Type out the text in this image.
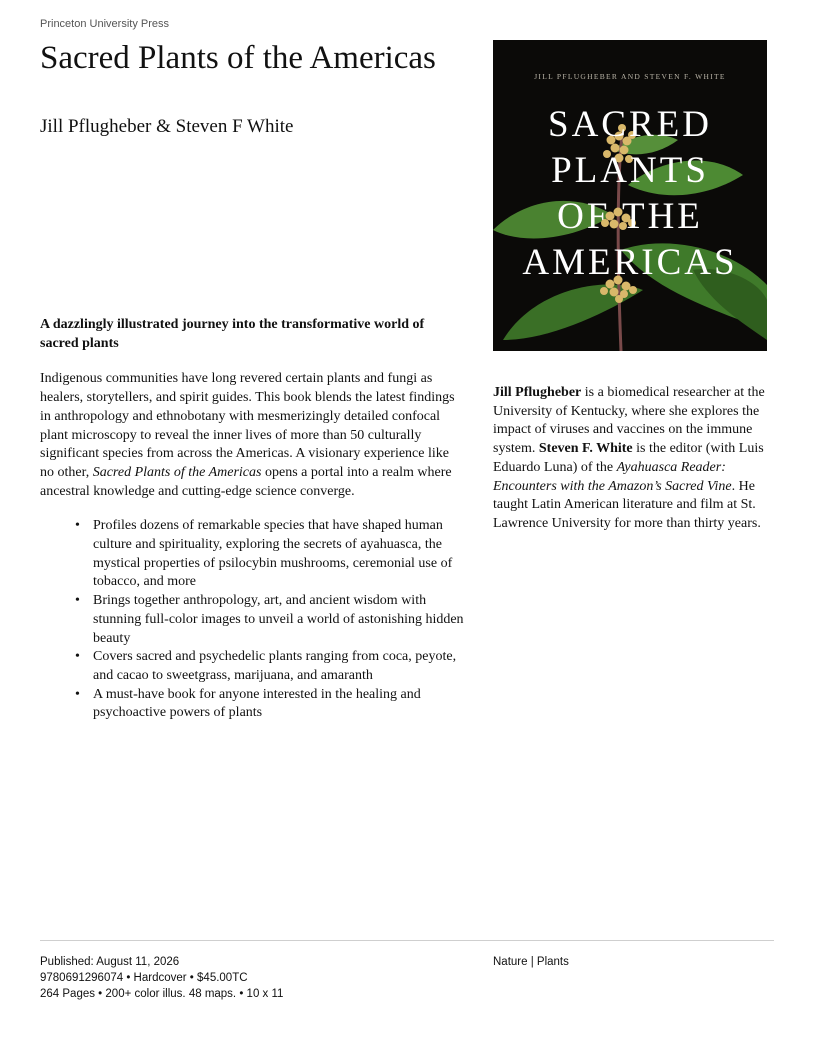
Princeton University Press
Sacred Plants of the Americas
Jill Pflugheber & Steven F White
JILL PFLUGHEBER AND STEVEN F. WHITE
SACRED
PLANTS
OF THE
AMERICAS

A dazzlingly illustrated journey into the transformative world of sacred plants

Indigenous communities have long revered certain plants and fungi as healers, storytellers, and spirit guides. This book blends the latest findings in anthropology and ethnobotany with mesmerizingly detailed confocal plant microscopy to reveal the inner lives of more than 50 culturally significant species from across the Americas. A visionary experience like no other, Sacred Plants of the Americas opens a portal into a realm where ancestral knowledge and cutting-edge science converge.

• Profiles dozens of remarkable species that have shaped human culture and spirituality, exploring the secrets of ayahuasca, the mystical properties of psilocybin mushrooms, ceremonial use of tobacco, and more
• Brings together anthropology, art, and ancient wisdom with stunning full-color images to unveil a world of astonishing hidden beauty
• Covers sacred and psychedelic plants ranging from coca, peyote, and cacao to sweetgrass, marijuana, and amaranth
• A must-have book for anyone interested in the healing and psychoactive powers of plants

Jill Pflugheber is a biomedical researcher at the University of Kentucky, where she explores the impact of viruses and vaccines on the immune system. Steven F. White is the editor (with Luis Eduardo Luna) of the Ayahuasca Reader: Encounters with the Amazon’s Sacred Vine. He taught Latin American literature and film at St. Lawrence University for more than thirty years.

Published: August 11, 2026
9780691296074 • Hardcover • $45.00TC
264 Pages • 200+ color illus. 48 maps. • 10 x 11
Nature | Plants
